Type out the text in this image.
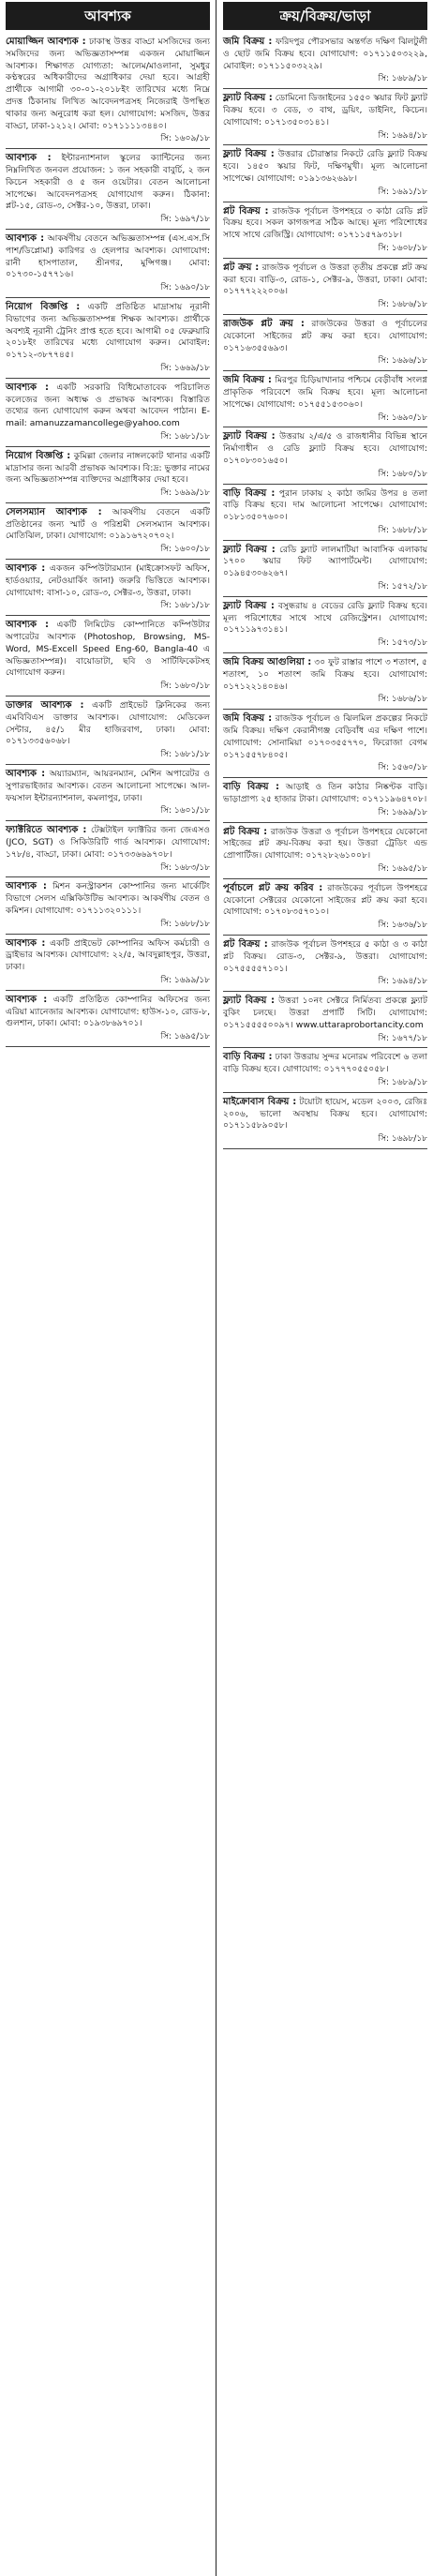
আবশ্যক
মোয়াজ্জিন আবশ্যক : ঢাকাস্থ উত্তর বাড্ডা মসজিদের জন্য সমজিদের জন্য অভিজ্ঞতাসম্পন্ন একজন মোয়াজ্জিন আবশ্যক। শিক্ষাগত যোগ্যতা: আলেম/মাওলানা, সুমধুর কণ্ঠস্বরের অধিকারীদের অগ্রাধিকার দেয়া হবে। আগ্রহী প্রার্থীকে আগামী ৩০-০১-২০১৮ইং তারিখের মধ্যে নিম্নে প্রদত্ত ঠিকানায় লিখিত আবেদনপত্রসহ নিজেরাই উপস্থিত থাকার জন্য অনুরোধ করা হল। যোগাযোগ: মসজিদ, উত্তর বাড্ডা, ঢাকা-১২১২। মোবা: ০১৭১১১১৩৪৪০।
সি: ১৬০৯/১৮
আবশ্যক : ইন্টারন্যাশনাল স্কুলের ক্যান্টিনের জন্য নিম্নলিখিত জনবল প্রয়োজন: ১ জন সহকারী বাবুর্চি, ২ জন কিচেন সহকারী ও ৫ জন ওয়েটার। বেতন আলোচনা সাপেক্ষে। আবেদনপত্রসহ যোগাযোগ করুন। ঠিকানা: প্লট-১৫, রোড-৩, সেক্টর-১০, উত্তরা, ঢাকা।
সি: ১৬৯৭/১৮
আবশ্যক : আকর্ষণীয় বেতনে অভিজ্ঞতাসম্পন্ন (এস.এস.সি পাশ/ডিপ্লোমা) কারিগর ও হেলপার আবশ্যক। যোগাযোগ: রানী হাসপাতাল, শ্রীনগর, মুন্সিগঞ্জ। মোবা: ০১৭৩০-১৫৭৭১৬।
সি: ১৬৯০/১৮
নিয়োগ বিজ্ঞপ্তি : একটি প্রতিষ্ঠিত মাদ্রাসায় নূরানী বিভাগের জন্য অভিজ্ঞতাসম্পন্ন শিক্ষক আবশ্যক। প্রার্থীকে অবশ্যই নূরানী ট্রেনিং প্রাপ্ত হতে হবে। আগামী ০৫ ফেব্রুয়ারি ২০১৮ইং তারিখের মধ্যে যোগাযোগ করুন। মোবাইল: ০১৭১২-৩৮৭৭৪৫।
সি: ১৬৬৯/১৮
আবশ্যক : একটি সরকারি বিধিমোতাবেক পরিচালিত কলেজের জন্য অধ্যক্ষ ও প্রভাষক আবশ্যক। বিস্তারিত তথ্যের জন্য যোগাযোগ করুন অথবা আবেদন পাঠান। E-mail: amanuzzamancollege@yahoo.com
সি: ১৬৮১/১৮
নিয়োগ বিজ্ঞপ্তি : কুমিল্লা জেলার নাঙ্গলকোট থানার একটি মাদ্রাসার জন্য আরবী প্রভাষক আবশ্যক। বি:দ্র: ভুক্তার নামের জন্য অভিজ্ঞতাসম্পন্ন ব্যক্তিদের অগ্রাধিকার দেয়া হবে।
সি: ১৬৯৯/১৮
সেলসম্যান আবশ্যক : আকর্ষণীয় বেতনে একটি প্রতিষ্ঠানের জন্য স্মার্ট ও পরিশ্রমী সেলসম্যান আবশ্যক। মোতিঝিল, ঢাকা। যোগাযোগ: ০১৯১৬৭২০৭০২।
সি: ১৬০০/১৮
আবশ্যক : একজন কম্পিউটারম্যান (মাইক্রোসফট অফিস, হার্ডওয়্যার, নেটওয়ার্কিং জানা) জরুরি ভিত্তিতে আবশ্যক। যোগাযোগ: বাসা-১০, রোড-৩, সেক্টর-৩, উত্তরা, ঢাকা।
সি: ১৬৮১/১৮
আবশ্যক : একটি লিমিটেড কোম্পানিতে কম্পিউটার অপারেটর আবশ্যক (Photoshop, Browsing, MS-Word, MS-Excell Speed Eng-60, Bangla-40 এ অভিজ্ঞতাসম্পন্ন)। বায়োডাটা, ছবি ও সার্টিফিকেটসহ যোগাযোগ করুন।
সি: ১৬৮০/১৮
ডাক্তার আবশ্যক : একটি প্রাইভেট ক্লিনিকের জন্য এমবিবিএস ডাক্তার আবশ্যক। যোগাযোগ: মেডিকেল সেন্টার, ৪৫/১ মীর হাজিরবাগ, ঢাকা। মোবা: ০১৭১৩৩৫৬০৬৮।
সি: ১৬৮১/১৮
আবশ্যক : অয়্যারম্যান, আয়রনম্যান, মেশিন অপারেটর ও সুপারভাইজার আবশ্যক। বেতন আলোচনা সাপেক্ষে। আল-ফয়সাল ইন্টারন্যাশনাল, কমলাপুর, ঢাকা।
সি: ১৬০১/১৮
ফ্যাক্টরিতে আবশ্যক : টেক্সটাইল ফ্যাক্টরির জন্য জেএসও (JCO, SGT) ও সিকিউরিটি গার্ড আবশ্যক। যোগাযোগ: ১৭৮/৪, বাড্ডা, ঢাকা। মোবা: ০১৭৩৩৬৬৯৭০৮।
সি: ১৬৮৩/১৮
আবশ্যক : মিশন কনস্ট্রাকশন কোম্পানির জন্য মার্কেটিং বিভাগে সেলস এক্সিকিউটিভ আবশ্যক। আকর্ষণীয় বেতন ও কমিশন। যোগাযোগ: ০১৭১১৩২০১১১।
সি: ১৬৮৮/১৮
আবশ্যক : একটি প্রাইভেট কোম্পানির অফিস কর্মচারী ও ড্রাইভার আবশ্যক। যোগাযোগ: ২২/৫, আবদুল্লাহপুর, উত্তরা, ঢাকা।
সি: ১৬৯৯/১৮
আবশ্যক : একটি প্রতিষ্ঠিত কোম্পানির অফিসের জন্য এরিয়া ম্যানেজার আবশ্যক। যোগাযোগ: হাউস-১০, রোড-৮, গুলশান, ঢাকা। মোবা: ০১৯৩৮৬৯৭০১।
সি: ১৬৯৫/১৮
ক্রয়/বিক্রয়/ভাড়া
জমি বিক্রয় : ফরিদপুর পৌরসভার অন্তর্গত দক্ষিণ ঝিলটুলী ও ছোট জমি বিক্রয় হবে। যোগাযোগ: ০১৭১১৫০৩২২৯, মোবাইল: ০১৭১১৫০৩২২৯।
সি: ১৬৮৯/১৮
ফ্ল্যাট বিক্রয় : ডোমিনো ডিজাইনের ১৫৫০ স্কয়ার ফিট ফ্ল্যাট বিক্রয় হবে। ৩ বেড, ৩ বাথ, ড্রয়িং, ডাইনিং, কিচেন। যোগাযোগ: ০১৭১৩৫০৩১৪১।
সি: ১৬৯৪/১৮
ফ্ল্যাট বিক্রয় : উত্তরার চৌরাস্তার নিকটে রেডি ফ্ল্যাট বিক্রয় হবে। ১৪৫০ স্কয়ার ফিট, দক্ষিণমুখী। মূল্য আলোচনা সাপেক্ষে। যোগাযোগ: ০১৯১৩৬২৬৯৮।
সি: ১৬৯১/১৮
প্লট বিক্রয় : রাজউক পূর্বাচল উপশহরে ৩ কাঠা রেডি প্লট বিক্রয় হবে। সকল কাগজপত্র সঠিক আছে। মূল্য পরিশোধের সাথে সাথে রেজিস্ট্রি। যোগাযোগ: ০১৭১১৫৭৯৩১৮।
সি: ১৬০৮/১৮
প্লট ক্রয় : রাজউক পূর্বাচল ও উত্তরা তৃতীয় প্রকল্পে প্লট ক্রয় করা হবে। বাড়ি-৩, রোড-১, সেক্টর-৯, উত্তরা, ঢাকা। মোবা: ০১৭৭৭২২২০০৬।
সি: ১৬৮৬/১৮
রাজউক প্লট ক্রয় : রাজউকের উত্তরা ও পূর্বাচলের যেকোনো সাইজের প্লট ক্রয় করা হবে। যোগাযোগ: ০১৭১৬৩৫৫৬৯৩।
সি: ১৬৯৬/১৮
জমি বিক্রয় : মিরপুর চিড়িয়াখানার পশ্চিমে বেড়ীবাঁধ সংলগ্ন প্রাকৃতিক পরিবেশে জমি বিক্রয় হবে। মূল্য আলোচনা সাপেক্ষে। যোগাযোগ: ০১৭৫৫১৫৩০৬০।
সি: ১৬৯০/১৮
ফ্ল্যাট বিক্রয় : উত্তরায় ২/এ/৫ ও রাজধানীর বিভিন্ন স্থানে নির্মাণাধীন ও রেডি ফ্ল্যাট বিক্রয় হবে। যোগাযোগ: ০১৭০৮৩০১৬৫০।
সি: ১৬৮০/১৮
বাড়ি বিক্রয় : পুরান ঢাকায় ২ কাঠা জমির উপর ৪ তলা বাড়ি বিক্রয় হবে। দাম আলোচনা সাপেক্ষে। যোগাযোগ: ০১৮১৩৫০৭৬০০।
সি: ১৬৮৮/১৮
ফ্ল্যাট বিক্রয় : রেডি ফ্ল্যাট লালমাটিয়া আবাসিক এলাকায় ১৭০০ স্কয়ার ফিট অ্যাপার্টমেন্ট। যোগাযোগ: ০১৯৪৫৩০৬২৬৭।
সি: ১৫৭২/১৮
ফ্ল্যাট বিক্রয় : বসুন্ধরায় ৪ বেডের রেডি ফ্ল্যাট বিক্রয় হবে। মূল্য পরিশোধের সাথে সাথে রেজিস্ট্রেশন। যোগাযোগ: ০১৭১১৯৭৩১৪১।
সি: ১৫৭৩/১৮
জমি বিক্রয় আগুলিয়া : ৩০ ফুট রাস্তার পাশে ৩ শতাংশ, ৫ শতাংশ, ১০ শতাংশ জমি বিক্রয় হবে। যোগাযোগ: ০১৭১২২১৪০৪৬।
সি: ১৬৮৬/১৮
জমি বিক্রয় : রাজউক পূর্বাচল ও ঝিলমিল প্রকল্পের নিকটে জমি বিক্রয়। দক্ষিণ কেরানীগঞ্জ বেড়িবাঁধ এর দক্ষিণ পাশে। যোগাযোগ: সোনামিয়া ০১৭০৩৫৫৭৭০, ফিরোজা বেগম ০১৭১৫৫৭৮৪০৫।
সি: ১৫৬০/১৮
বাড়ি বিক্রয় : আড়াই ও তিন কাঠার নিষ্কণ্টক বাড়ি। ভাড়াপ্রাপ্য ২৫ হাজার টাকা। যোগাযোগ: ০১৭১১৯৬৪৭০৮।
সি: ১৬৯৯/১৮
প্লট বিক্রয় : রাজউক উত্তরা ও পূর্বাচল উপশহরে যেকোনো সাইজের প্লট ক্রয়-বিক্রয় করা হয়। উত্তরা ট্রেডিং এন্ড প্রোপার্টিজ। যোগাযোগ: ০১৭২৮২৬১০০৮।
সি: ১৬৯৫/১৮
পূর্বাচলে প্লট ক্রয় করিব : রাজউকের পূর্বাচল উপশহরে যেকোনো সেক্টরের যেকোনো সাইজের প্লট ক্রয় করা হবে। যোগাযোগ: ০১৭০৮৩৫৭০১০।
সি: ১৬৩৬/১৮
প্লট বিক্রয় : রাজউক পূর্বাচল উপশহরে ৫ কাঠা ও ৩ কাঠা প্লট বিক্রয়। রোড-৩, সেক্টর-৯, উত্তরা। যোগাযোগ: ০১৭৫৫৫৫৭১০১।
সি: ১৬৯৪/১৮
ফ্ল্যাট বিক্রয় : উত্তরা ১০নং সেক্টরে নির্মিতব্য প্রকল্পে ফ্ল্যাট বুকিং চলছে। উত্তরা প্রপার্টি সিটি। যোগাযোগ: ০১৭১৫৫৫৫০০৯৭। www.uttaraprobortancity.com
সি: ১৬৭৭/১৮
বাড়ি বিক্রয় : ঢাকা উত্তরায় সুন্দর মনোরম পরিবেশে ৬ তলা বাড়ি বিক্রয় হবে। যোগাযোগ: ০১৭৭৭০৫৫০৫৮।
সি: ১৬৮৯/১৮
মাইক্রোবাস বিক্রয় : টয়োটা হায়েস, মডেল ২০০৩, রেজিঃ ২০০৬, ভালো অবস্থায় বিক্রয় হবে। যোগাযোগ: ০১৭১১৫৮৯০৫৮।
সি: ১৬৯৮/১৮
